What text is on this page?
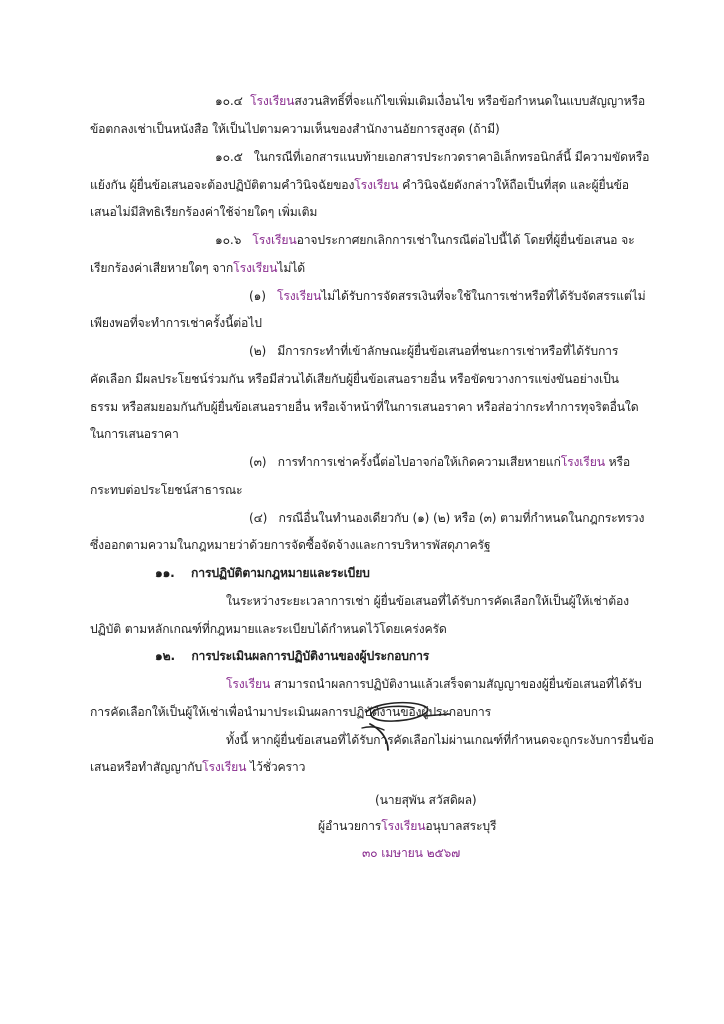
๑๐.๔ โรงเรียนสงวนสิทธิ์ที่จะแก้ไขเพิ่มเติมเงื่อนไข หรือข้อกำหนดในแบบสัญญาหรือ
ข้อตกลงเช่าเป็นหนังสือ ให้เป็นไปตามความเห็นของสำนักงานอัยการสูงสุด (ถ้ามี)
๑๐.๕ ในกรณีที่เอกสารแนบท้ายเอกสารประกวดราคาอิเล็กทรอนิกส์นี้ มีความขัดหรือ
แย้งกัน ผู้ยื่นข้อเสนอจะต้องปฏิบัติตามคำวินิจฉัยของโรงเรียน คำวินิจฉัยดังกล่าวให้ถือเป็นที่สุด และผู้ยื่นข้อ
เสนอไม่มีสิทธิเรียกร้องค่าใช้จ่ายใดๆ เพิ่มเติม
๑๐.๖ โรงเรียนอาจประกาศยกเลิกการเช่าในกรณีต่อไปนี้ได้ โดยที่ผู้ยื่นข้อเสนอ จะ
เรียกร้องค่าเสียหายใดๆ จากโรงเรียนไม่ได้
(๑) โรงเรียนไม่ได้รับการจัดสรรเงินที่จะใช้ในการเช่าหรือที่ได้รับจัดสรรแต่ไม่
เพียงพอที่จะทำการเช่าครั้งนี้ต่อไป
(๒) มีการกระทำที่เข้าลักษณะผู้ยื่นข้อเสนอที่ชนะการเช่าหรือที่ได้รับการ
คัดเลือก มีผลประโยชน์ร่วมกัน หรือมีส่วนได้เสียกับผู้ยื่นข้อเสนอรายอื่น หรือขัดขวางการแข่งขันอย่างเป็น
ธรรม หรือสมยอมกันกับผู้ยื่นข้อเสนอรายอื่น หรือเจ้าหน้าที่ในการเสนอราคา หรือส่อว่ากระทำการทุจริตอื่นใด
ในการเสนอราคา
(๓) การทำการเช่าครั้งนี้ต่อไปอาจก่อให้เกิดความเสียหายแก่โรงเรียน หรือ
กระทบต่อประโยชน์สาธารณะ
(๔) กรณีอื่นในทำนองเดียวกับ (๑) (๒) หรือ (๓) ตามที่กำหนดในกฎกระทรวง
ซึ่งออกตามความในกฎหมายว่าด้วยการจัดซื้อจัดจ้างและการบริหารพัสดุภาครัฐ
๑๑. การปฏิบัติตามกฎหมายและระเบียบ
ในระหว่างระยะเวลาการเช่า ผู้ยื่นข้อเสนอที่ได้รับการคัดเลือกให้เป็นผู้ให้เช่าต้อง
ปฏิบัติ ตามหลักเกณฑ์ที่กฎหมายและระเบียบได้กำหนดไว้โดยเคร่งครัด
๑๒. การประเมินผลการปฏิบัติงานของผู้ประกอบการ
โรงเรียน สามารถนำผลการปฏิบัติงานแล้วเสร็จตามสัญญาของผู้ยื่นข้อเสนอที่ได้รับ
การคัดเลือกให้เป็นผู้ให้เช่าเพื่อนำมาประเมินผลการปฏิบัติงานของผู้ประกอบการ
ทั้งนี้ หากผู้ยื่นข้อเสนอที่ได้รับการคัดเลือกไม่ผ่านเกณฑ์ที่กำหนดจะถูกระงับการยื่นข้อ
เสนอหรือทำสัญญากับโรงเรียน ไว้ชั่วคราว
(นายสุพัน สวัสดิผล)
ผู้อำนวยการโรงเรียนอนุบาลสระบุรี
๓๐ เมษายน ๒๕๖๗
